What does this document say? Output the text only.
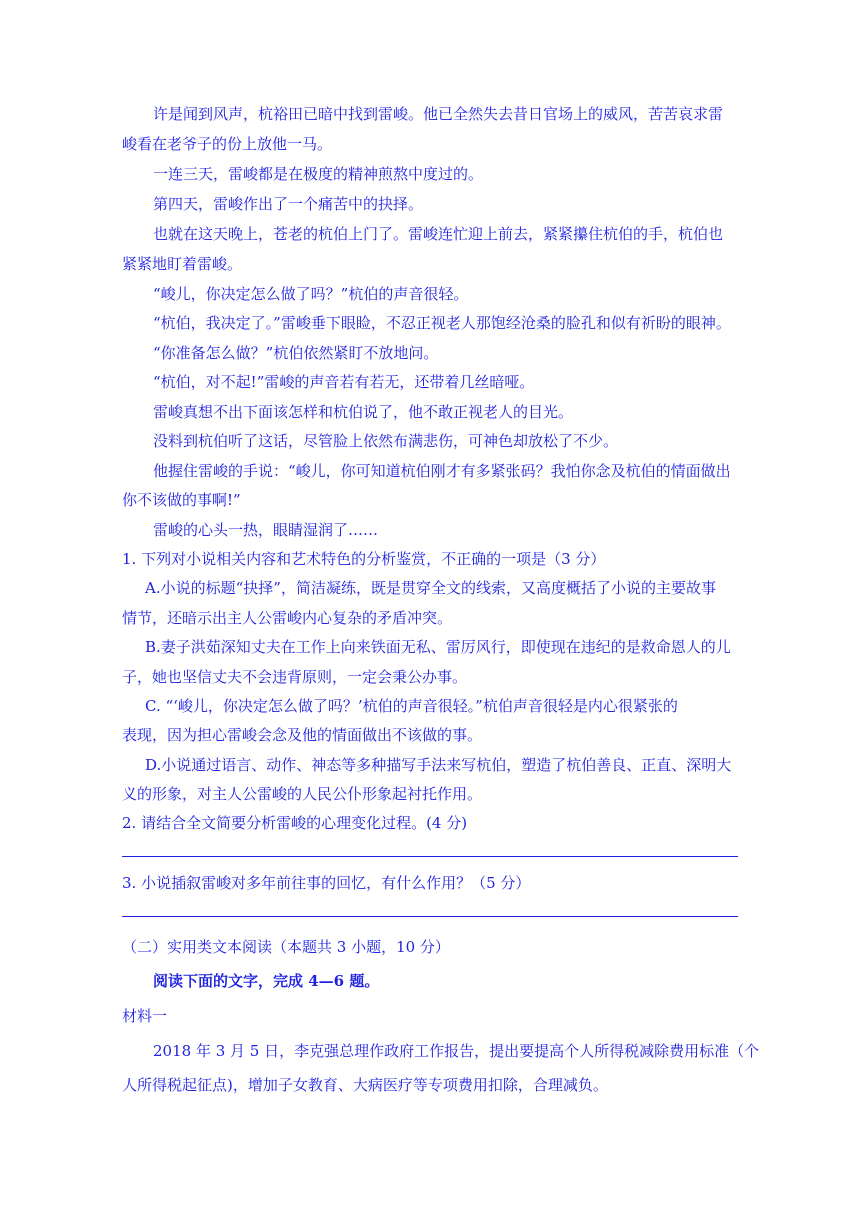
许是闻到风声，杭裕田已暗中找到雷峻。他已全然失去昔日官场上的威风，苦苦哀求雷
峻看在老爷子的份上放他一马。
一连三天，雷峻都是在极度的精神煎熬中度过的。
第四天，雷峻作出了一个痛苦中的抉择。
也就在这天晚上，苍老的杭伯上门了。雷峻连忙迎上前去，紧紧攥住杭伯的手，杭伯也
紧紧地盯着雷峻。
“峻儿，你决定怎么做了吗？”杭伯的声音很轻。
“杭伯，我决定了。”雷峻垂下眼睑，不忍正视老人那饱经沧桑的脸孔和似有祈盼的眼神。
“你准备怎么做？”杭伯依然紧盯不放地问。
“杭伯，对不起!”雷峻的声音若有若无，还带着几丝暗哑。
雷峻真想不出下面该怎样和杭伯说了，他不敢正视老人的目光。
没料到杭伯听了这话，尽管脸上依然布满悲伤，可神色却放松了不少。
他握住雷峻的手说：“峻儿，你可知道杭伯刚才有多紧张码？我怕你念及杭伯的情面做出
你不该做的事啊!”
雷峻的心头一热，眼睛湿润了……
1. 下列对小说相关内容和艺术特色的分析鉴赏，不正确的一项是（3 分）
A.小说的标题“抉择”，简洁凝练，既是贯穿全文的线索，又高度概括了小说的主要故事
情节，还暗示出主人公雷峻内心复杂的矛盾冲突。
B.妻子洪茹深知丈夫在工作上向来铁面无私、雷厉风行，即使现在违纪的是救命恩人的儿
子，她也坚信丈夫不会违背原则，一定会秉公办事。
C. “‘峻儿，你决定怎么做了吗？’杭伯的声音很轻。”杭伯声音很轻是内心很紧张的
表现，因为担心雷峻会念及他的情面做出不该做的事。
D.小说通过语言、动作、神态等多种描写手法来写杭伯，塑造了杭伯善良、正直、深明大
义的形象，对主人公雷峻的人民公仆形象起衬托作用。
2. 请结合全文简要分析雷峻的心理变化过程。(4 分)
3. 小说插叙雷峻对多年前往事的回忆，有什么作用？（5 分）
（二）实用类文本阅读（本题共 3 小题，10 分）
阅读下面的文字，完成 4—6 题。
材料一
2018 年 3 月 5 日，李克强总理作政府工作报告，提出要提高个人所得税减除费用标准（个
人所得税起征点)，增加子女教育、大病医疗等专项费用扣除，合理减负。
